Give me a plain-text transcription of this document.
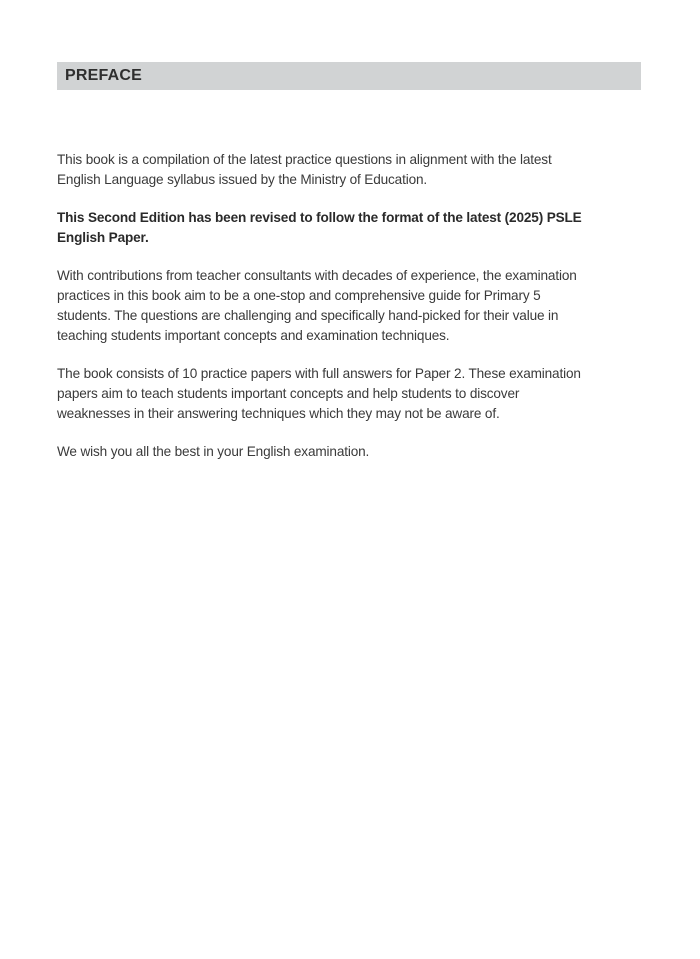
PREFACE

This book is a compilation of the latest practice questions in alignment with the latest
English Language syllabus issued by the Ministry of Education.

This Second Edition has been revised to follow the format of the latest (2025) PSLE
English Paper.

With contributions from teacher consultants with decades of experience, the examination
practices in this book aim to be a one-stop and comprehensive guide for Primary 5
students. The questions are challenging and specifically hand-picked for their value in
teaching students important concepts and examination techniques.

The book consists of 10 practice papers with full answers for Paper 2. These examination
papers aim to teach students important concepts and help students to discover
weaknesses in their answering techniques which they may not be aware of.

We wish you all the best in your English examination.
